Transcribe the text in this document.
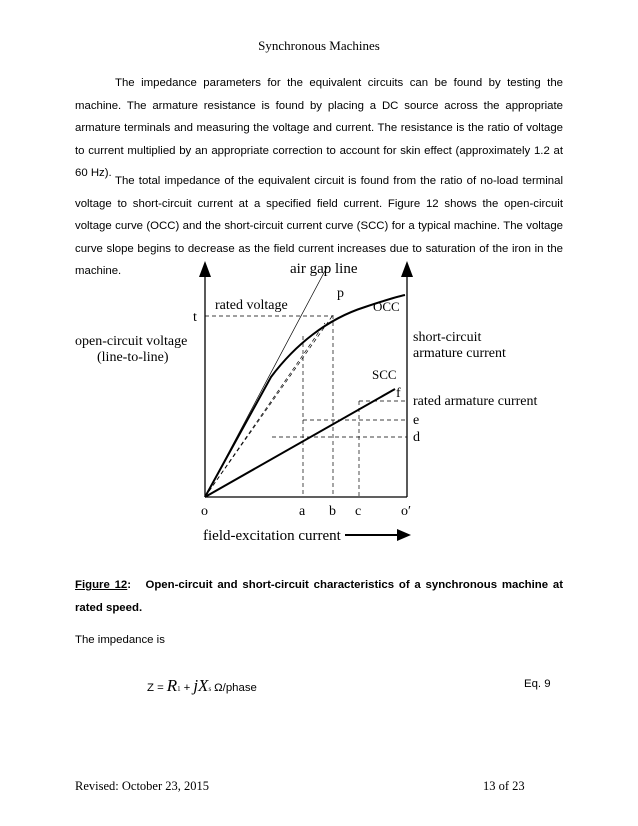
Synchronous Machines
The impedance parameters for the equivalent circuits can be found by testing the machine. The armature resistance is found by placing a DC source across the appropriate armature terminals and measuring the voltage and current. The resistance is the ratio of voltage to current multiplied by an appropriate correction to account for skin effect (approximately 1.2 at 60 Hz).
The total impedance of the equivalent circuit is found from the ratio of no-load terminal voltage to short-circuit current at a specified field current. Figure 12 shows the open-circuit voltage curve (OCC) and the short-circuit current curve (SCC) for a typical machine. The voltage curve slope begins to decrease as the field current increases due to saturation of the iron in the machine.	air gap line
rated voltage
p
OCC
t
open-circuit voltage
(line-to-line)
short-circuit
armature current
SCC
f
rated armature current
e
d
o	a b c	o′
field-excitation current
Figure 12: Open-circuit and short-circuit characteristics of a synchronous machine at rated speed.
The impedance is
Z = R1 + jXs Ω/phase	Eq. 9
Revised: October 23, 2015	13 of 23
